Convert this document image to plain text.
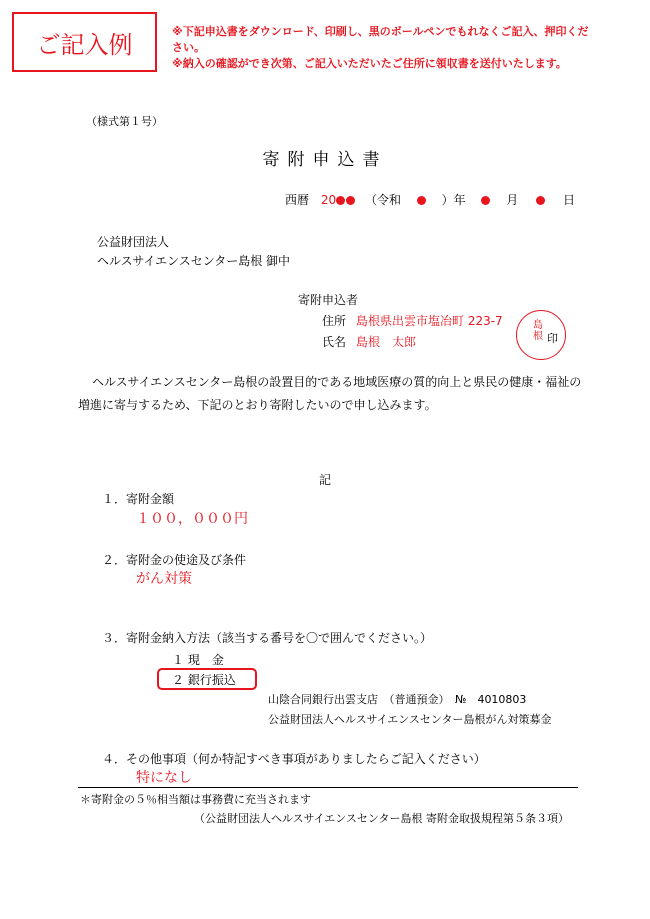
ご記入例	※下記申込書をダウンロード、印刷し、黒のボールペンでもれなくご記入、押印くだ
さい。
※納入の確認ができ次第、ご記入いただいたご住所に領収書を送付いたします。
（様式第１号）
寄附申込書
西暦 20 （令和	）年	月	日
公益財団法人
ヘルスサイエンスセンター島根 御中
寄附申込者
住所 島根県出雲市塩冶町 223-7
氏名 島根　太郎
島根 印
ヘルスサイエンスセンター島根の設置目的である地域医療の質的向上と県民の健康・福祉の増進に寄与するため、下記のとおり寄附したいので申し込みます。
記
１．寄附金額
１００，０００円
２．寄附金の使途及び条件
がん対策
３．寄附金納入方法（該当する番号を〇で囲んでください。）
１ 現　金
２ 銀行振込
山陰合同銀行出雲支店　（普通預金）　№　4010803
公益財団法人ヘルスサイエンスセンター島根がん対策募金
４．その他事項（何か特記すべき事項がありましたらご記入ください）
特になし
＊寄附金の５％相当額は事務費に充当されます
（公益財団法人ヘルスサイエンスセンター島根 寄附金取扱規程第５条３項）
